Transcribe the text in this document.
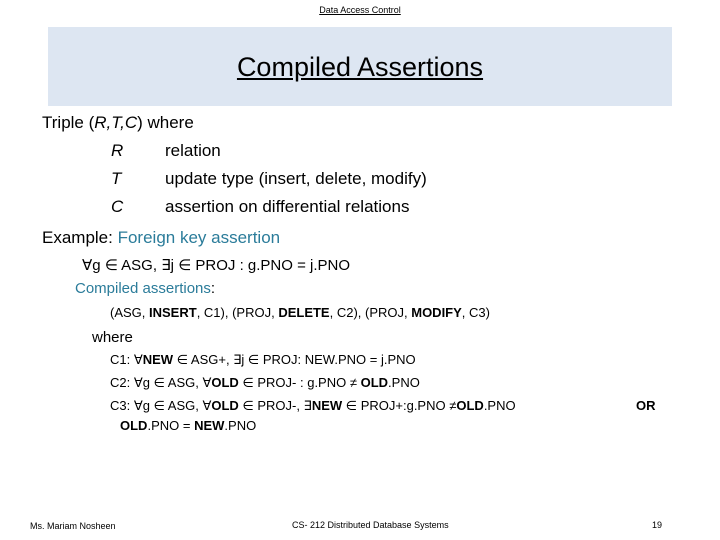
Data Access Control
Compiled Assertions
Triple (R,T,C) where
R relation
T	update type (insert, delete, modify)
C assertion on differential relations
Example: Foreign key assertion
∀g ∈ ASG, ∃j ∈ PROJ : g.PNO = j.PNO
Compiled assertions:
(ASG, INSERT, C1), (PROJ, DELETE, C2), (PROJ, MODIFY, C3)
where
C1: ∀NEW ∈ ASG+, ∃j ∈ PROJ: NEW.PNO = j.PNO
C2: ∀g ∈ ASG, ∀OLD ∈ PROJ- : g.PNO ≠ OLD.PNO
C3: ∀g ∈ ASG, ∀OLD ∈ PROJ-, ∃NEW ∈ PROJ+:g.PNO ≠OLD.PNO	OR
OLD.PNO = NEW.PNO
Ms. Mariam Nosheen	CS- 212 Distributed Database Systems	19
